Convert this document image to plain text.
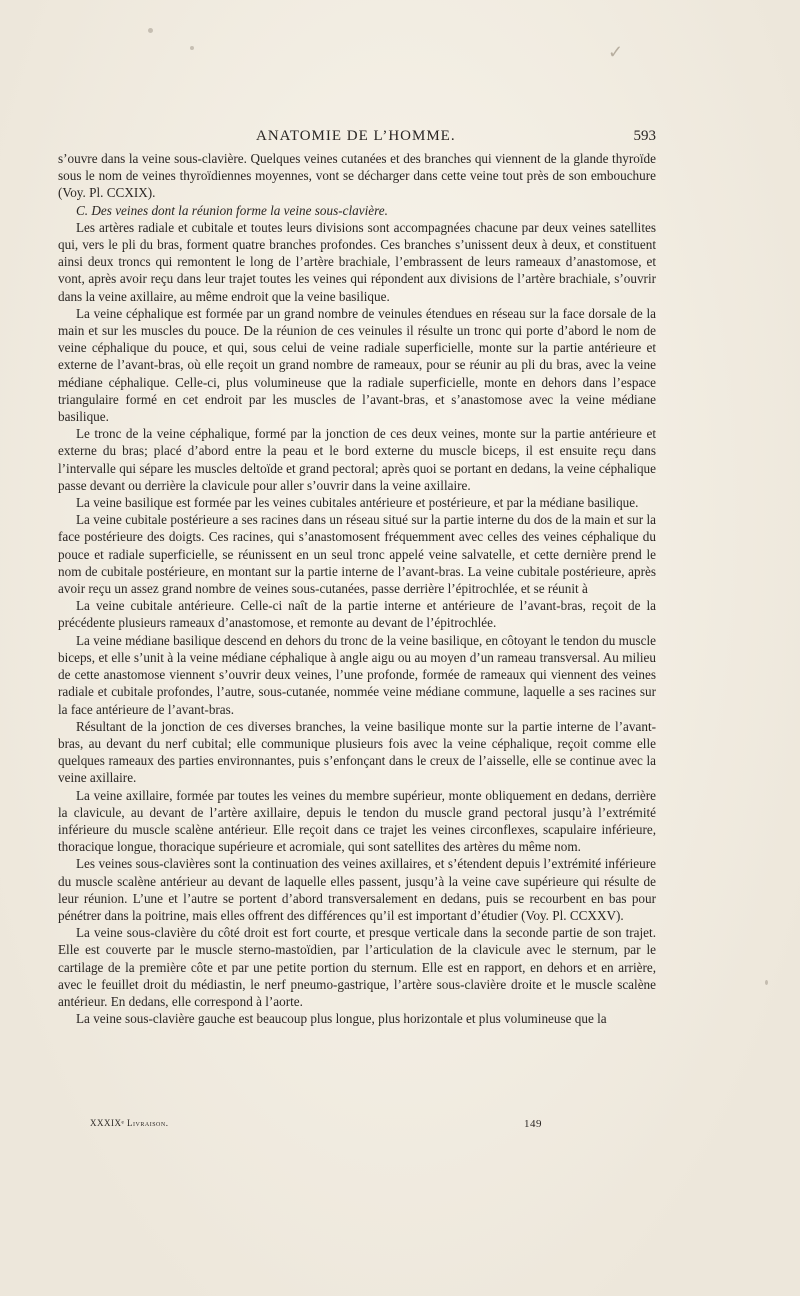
✓
ANATOMIE DE L’HOMME.	593

s’ouvre dans la veine sous-clavière. Quelques veines cutanées et des branches qui viennent de la glande thyroïde sous le nom de veines thyroïdiennes moyennes, vont se décharger dans cette veine tout près de son embouchure (Voy. Pl. CCXIX).

C. Des veines dont la réunion forme la veine sous-clavière.

Les artères radiale et cubitale et toutes leurs divisions sont accompagnées chacune par deux veines satellites qui, vers le pli du bras, forment quatre branches profondes. Ces branches s’unissent deux à deux, et constituent ainsi deux troncs qui remontent le long de l’artère brachiale, l’embrassent de leurs rameaux d’anastomose, et vont, après avoir reçu dans leur trajet toutes les veines qui répondent aux divisions de l’artère brachiale, s’ouvrir dans la veine axillaire, au même endroit que la veine basilique.

La veine céphalique est formée par un grand nombre de veinules étendues en réseau sur la face dorsale de la main et sur les muscles du pouce. De la réunion de ces veinules il résulte un tronc qui porte d’abord le nom de veine céphalique du pouce, et qui, sous celui de veine radiale superficielle, monte sur la partie antérieure et externe de l’avant-bras, où elle reçoit un grand nombre de rameaux, pour se réunir au pli du bras, avec la veine médiane céphalique. Celle-ci, plus volumineuse que la radiale superficielle, monte en dehors dans l’espace triangulaire formé en cet endroit par les muscles de l’avant-bras, et s’anastomose avec la veine médiane basilique.

Le tronc de la veine céphalique, formé par la jonction de ces deux veines, monte sur la partie antérieure et externe du bras; placé d’abord entre la peau et le bord externe du muscle biceps, il est ensuite reçu dans l’intervalle qui sépare les muscles deltoïde et grand pectoral; après quoi se portant en dedans, la veine céphalique passe devant ou derrière la clavicule pour aller s’ouvrir dans la veine axillaire.

La veine basilique est formée par les veines cubitales antérieure et postérieure, et par la médiane basilique.

La veine cubitale postérieure a ses racines dans un réseau situé sur la partie interne du dos de la main et sur la face postérieure des doigts. Ces racines, qui s’anastomosent fréquemment avec celles des veines céphalique du pouce et radiale superficielle, se réunissent en un seul tronc appelé veine salvatelle, et cette dernière prend le nom de cubitale postérieure, en montant sur la partie interne de l’avant-bras. La veine cubitale postérieure, après avoir reçu un assez grand nombre de veines sous-cutanées, passe derrière l’épitrochlée, et se réunit à

La veine cubitale antérieure. Celle-ci naît de la partie interne et antérieure de l’avant-bras, reçoit de la précédente plusieurs rameaux d’anastomose, et remonte au devant de l’épitrochlée.

La veine médiane basilique descend en dehors du tronc de la veine basilique, en côtoyant le tendon du muscle biceps, et elle s’unit à la veine médiane céphalique à angle aigu ou au moyen d’un rameau transversal. Au milieu de cette anastomose viennent s’ouvrir deux veines, l’une profonde, formée de rameaux qui viennent des veines radiale et cubitale profondes, l’autre, sous-cutanée, nommée veine médiane commune, laquelle a ses racines sur la face antérieure de l’avant-bras.

Résultant de la jonction de ces diverses branches, la veine basilique monte sur la partie interne de l’avant-bras, au devant du nerf cubital; elle communique plusieurs fois avec la veine céphalique, reçoit comme elle quelques rameaux des parties environnantes, puis s’enfonçant dans le creux de l’aisselle, elle se continue avec la veine axillaire.

La veine axillaire, formée par toutes les veines du membre supérieur, monte obliquement en dedans, derrière la clavicule, au devant de l’artère axillaire, depuis le tendon du muscle grand pectoral jusqu’à l’extrémité inférieure du muscle scalène antérieur. Elle reçoit dans ce trajet les veines circonflexes, scapulaire inférieure, thoracique longue, thoracique supérieure et acromiale, qui sont satellites des artères du même nom.

Les veines sous-clavières sont la continuation des veines axillaires, et s’étendent depuis l’extrémité inférieure du muscle scalène antérieur au devant de laquelle elles passent, jusqu’à la veine cave supérieure qui résulte de leur réunion. L’une et l’autre se portent d’abord transversalement en dedans, puis se recourbent en bas pour pénétrer dans la poitrine, mais elles offrent des différences qu’il est important d’étudier (Voy. Pl. CCXXV).

La veine sous-clavière du côté droit est fort courte, et presque verticale dans la seconde partie de son trajet. Elle est couverte par le muscle sterno-mastoïdien, par l’articulation de la clavicule avec le sternum, par le cartilage de la première côte et par une petite portion du sternum. Elle est en rapport, en dehors et en arrière, avec le feuillet droit du médiastin, le nerf pneumo-gastrique, l’artère sous-clavière droite et le muscle scalène antérieur. En dedans, elle correspond à l’aorte.

La veine sous-clavière gauche est beaucoup plus longue, plus horizontale et plus volumineuse que la

XXXIXᵉ Livraison.	149
